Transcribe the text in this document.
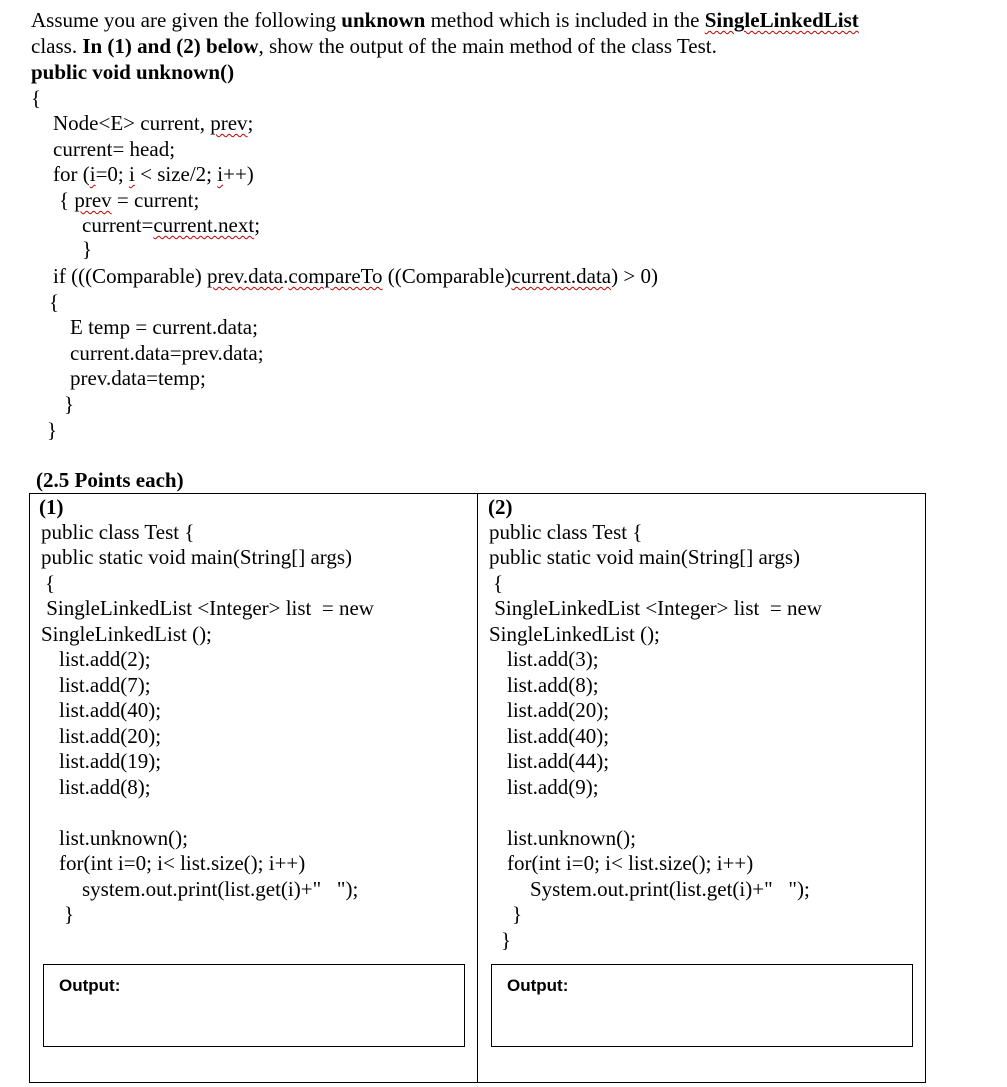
Assume you are given the following unknown method which is included in the SingleLinkedList
class. In (1) and (2) below, show the output of the main method of the class Test.
public void unknown()
{
Node<E> current, prev;
current= head;
for (i=0; i < size/2; i++)
{ prev = current;
current=current.next;
}
if (((Comparable) prev.data.compareTo ((Comparable)current.data) > 0)
{
E temp = current.data;
current.data=prev.data;
prev.data=temp;
}
}
(2.5 Points each)
(1)
public class Test {
public static void main(String[] args)
{
SingleLinkedList <Integer> list  = new
SingleLinkedList ();
list.add(2);
list.add(7);
list.add(40);
list.add(20);
list.add(19);
list.add(8);
list.unknown();
for(int i=0; i< list.size(); i++)
system.out.print(list.get(i)+"   ");
}
Output:
(2)
public class Test {
public static void main(String[] args)
{
SingleLinkedList <Integer> list  = new
SingleLinkedList ();
list.add(3);
list.add(8);
list.add(20);
list.add(40);
list.add(44);
list.add(9);
list.unknown();
for(int i=0; i< list.size(); i++)
System.out.print(list.get(i)+"   ");
}
}
Output:
